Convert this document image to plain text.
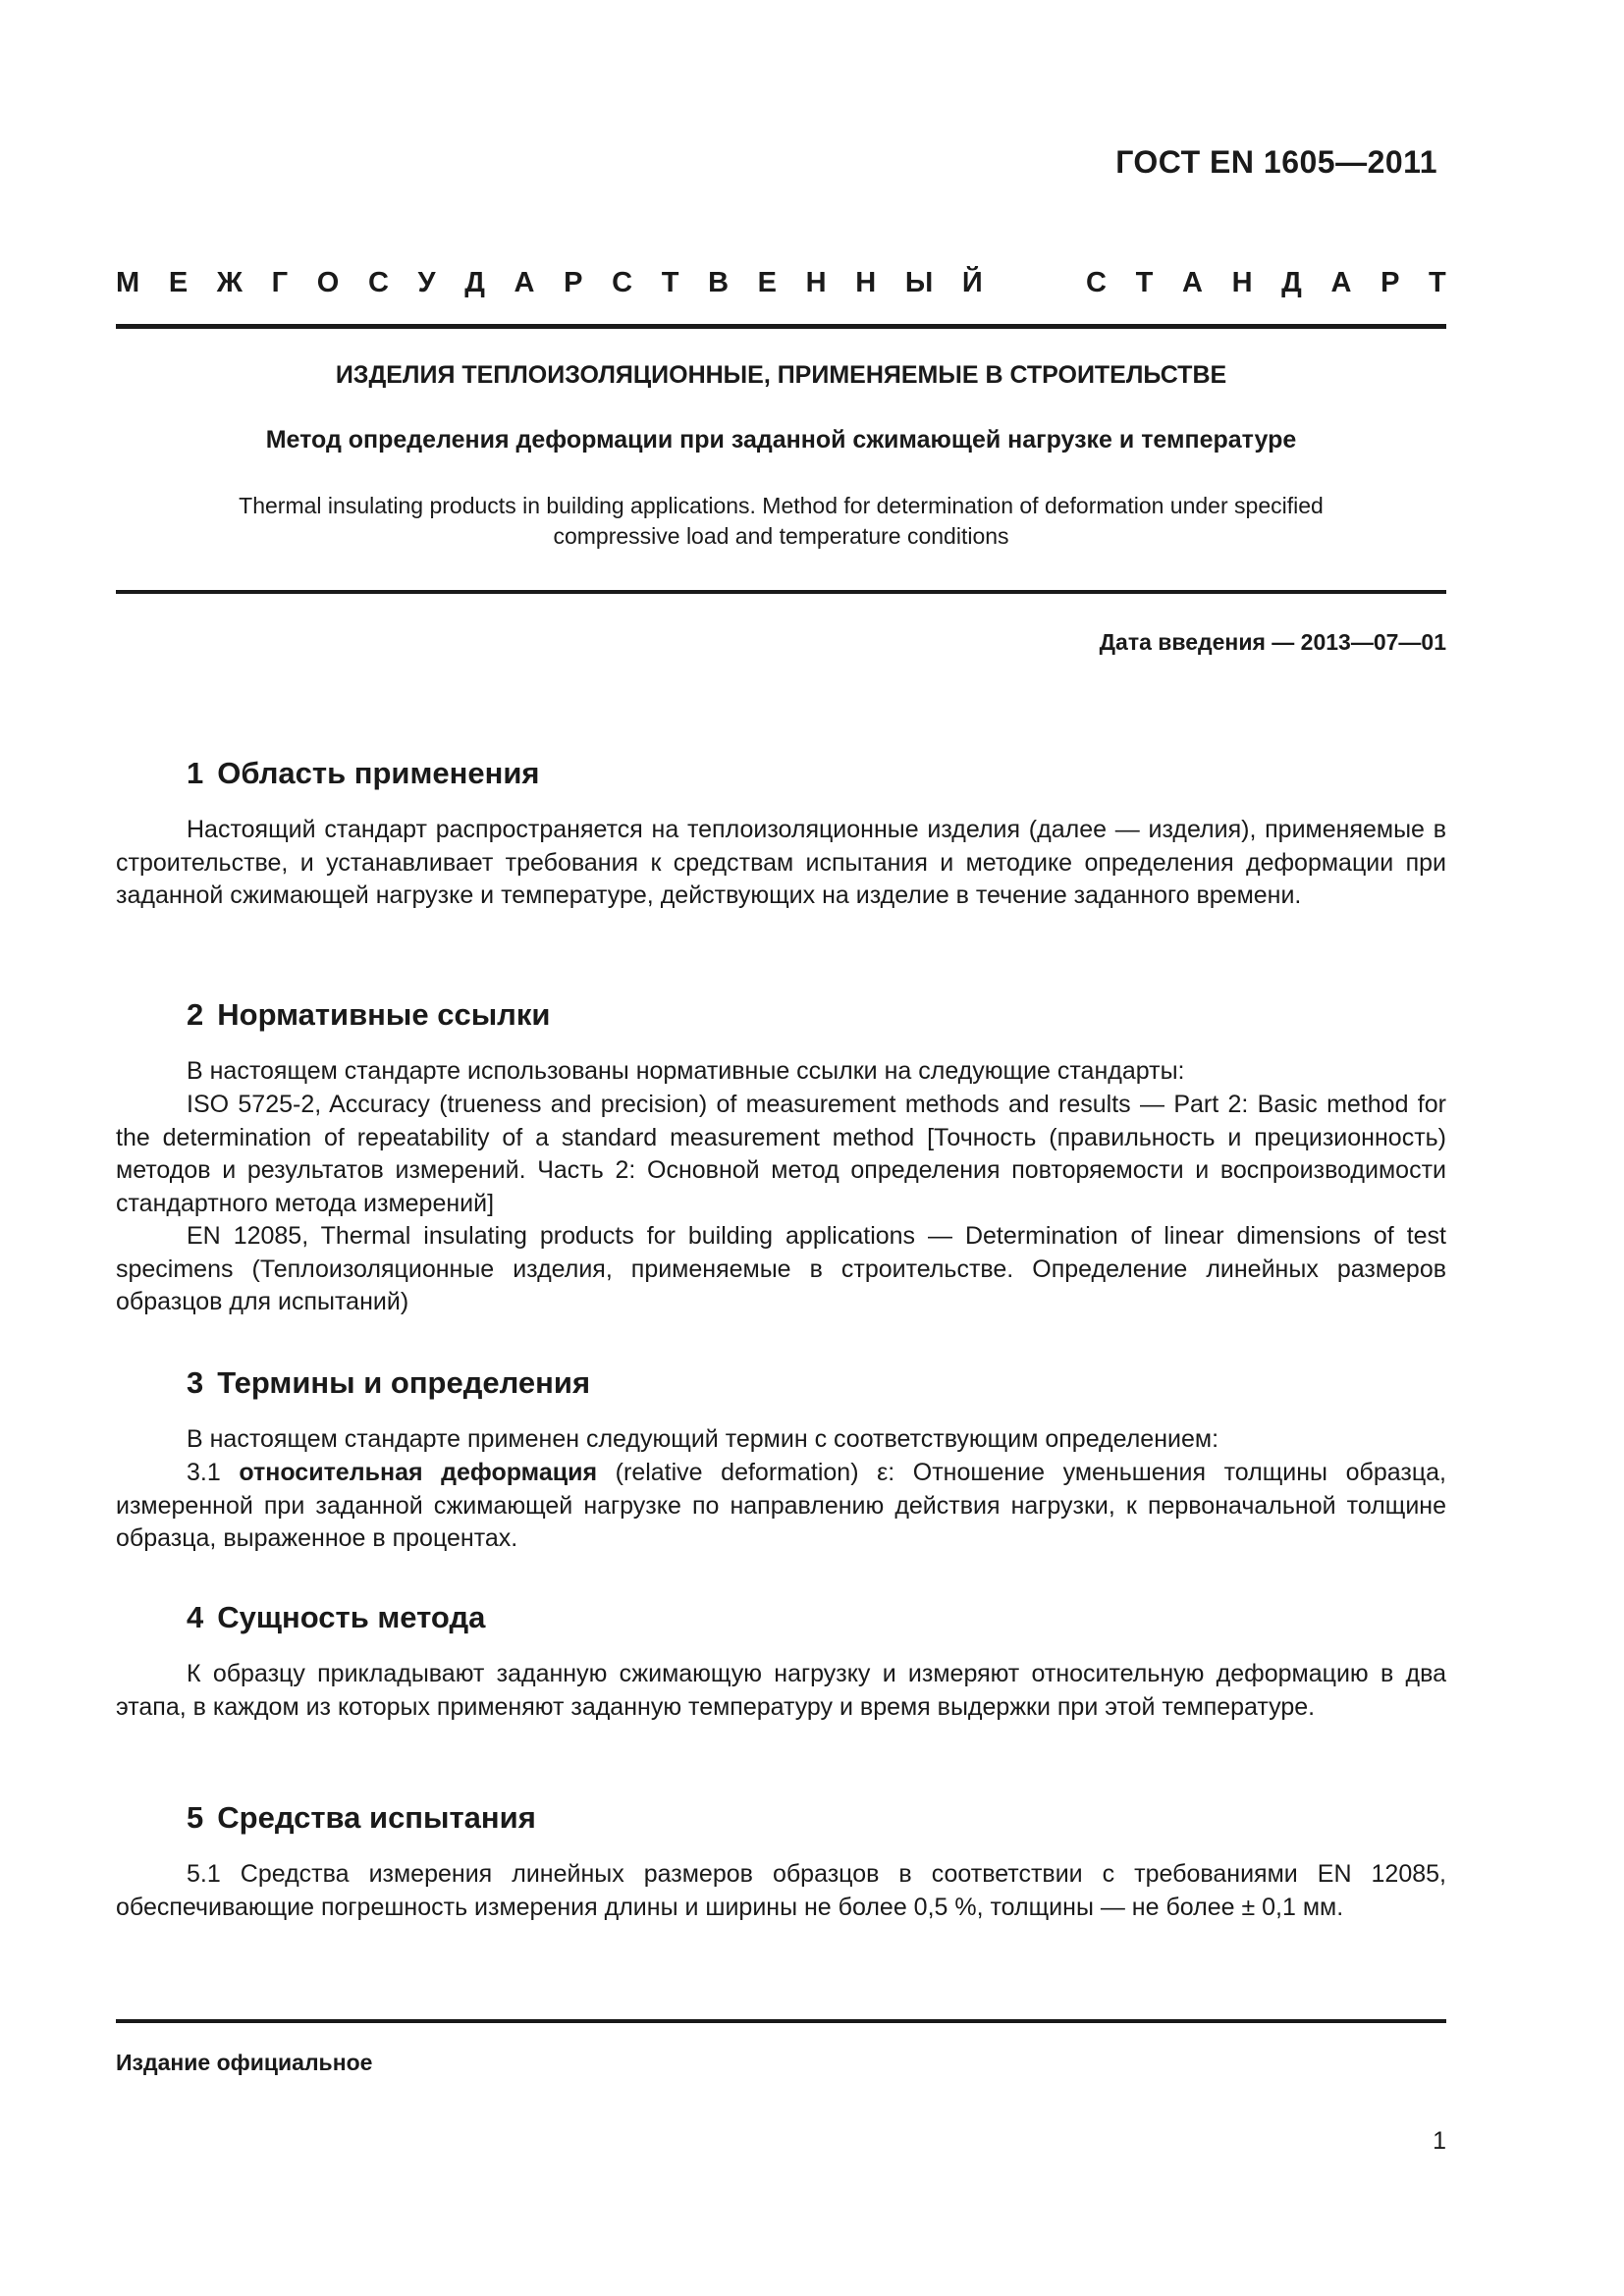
ГОСТ EN 1605—2011
М Е Ж Г О С У Д А Р С Т В Е Н Н Ы Й	С Т А Н Д А Р Т
ИЗДЕЛИЯ ТЕПЛОИЗОЛЯЦИОННЫЕ, ПРИМЕНЯЕМЫЕ В СТРОИТЕЛЬСТВЕ
Метод определения деформации при заданной сжимающей нагрузке и температуре
Thermal insulating products in building applications. Method for determination of deformation under specified
compressive load and temperature conditions
Дата введения — 2013—07—01
1 Область применения
Настоящий стандарт распространяется на теплоизоляционные изделия (далее — изделия), применяемые в строительстве, и устанавливает требования к средствам испытания и методике определения деформации при заданной сжимающей нагрузке и температуре, действующих на изделие в течение заданного времени.
2 Нормативные ссылки
В настоящем стандарте использованы нормативные ссылки на следующие стандарты:
ISO 5725-2, Accuracy (trueness and precision) of measurement methods and results — Part 2: Basic method for the determination of repeatability of a standard measurement method [Точность (правильность и прецизионность) методов и результатов измерений. Часть 2: Основной метод определения повторяемости и воспроизводимости стандартного метода измерений]
EN 12085, Thermal insulating products for building applications — Determination of linear dimensions of test specimens (Теплоизоляционные изделия, применяемые в строительстве. Определение линейных размеров образцов для испытаний)
3 Термины и определения
В настоящем стандарте применен следующий термин с соответствующим определением:
3.1 относительная деформация (relative deformation) ε: Отношение уменьшения толщины образца, измеренной при заданной сжимающей нагрузке по направлению действия нагрузки, к первоначальной толщине образца, выраженное в процентах.
4 Сущность метода
К образцу прикладывают заданную сжимающую нагрузку и измеряют относительную деформацию в два этапа, в каждом из которых применяют заданную температуру и время выдержки при этой температуре.
5 Средства испытания
5.1 Средства измерения линейных размеров образцов в соответствии с требованиями EN 12085, обеспечивающие погрешность измерения длины и ширины не более 0,5 %, толщины — не более ± 0,1 мм.
Издание официальное
1
